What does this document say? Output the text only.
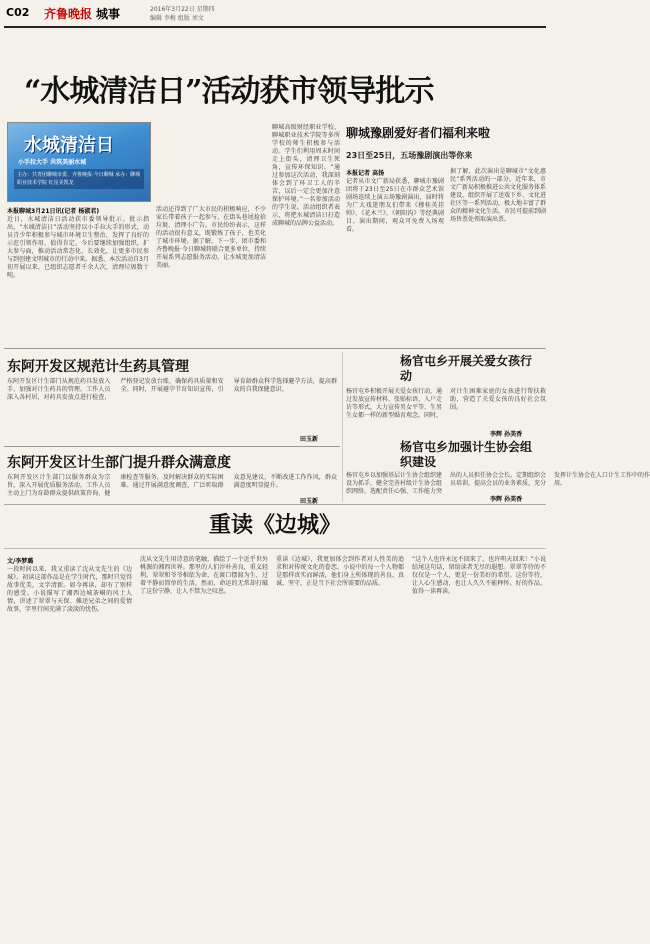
C02 齐鲁晚报 城事	2016年3月22日 星期四
编辑 李梅 组版 刘文
“水城清洁日”活动获市领导批示
水城清洁日
小手拉大手 共筑美丽水城
主办：共青团聊城市委、齐鲁晚报·今日聊城 承办：聊城职业技术学院 红星美凯龙
本报聊城3月21日讯(记者 杨淑君)
近日，水城清洁日活动获市委领导批示。批示指出，“水城清洁日”活动坚持以小手拉大手的形式，动员青少年积极参与城市环境卫生整治，发挥了良好的示范引领作用，值得肯定。今后要继续加强组织，扩大参与面，推动活动常态化、长效化，让更多市民参与到创建文明城市的行动中来。据悉，本次活动自3月初开展以来，已组织志愿者千余人次，清理垃圾数十吨。
活动还得到了广大市民的积极响应，不少家长带着孩子一起参与，在街头巷尾捡拾垃圾、清理小广告。市民纷纷表示，这样的活动很有意义，既锻炼了孩子，也美化了城市环境。据了解，下一步，团市委和齐鲁晚报·今日聊城将联合更多单位，持续开展系列志愿服务活动，让水城更加清洁美丽。
聊城高级财经职业学校、聊城职业技术学院等多所学校的师生积极参与活动。学生们利用周末时间走上街头，清理卫生死角，宣传环保知识。“通过参加这次活动，我深刻体会到了环卫工人的辛苦，以后一定会更加注意保护环境。”一名参加活动的学生说。活动组织者表示，将把水城清洁日打造成聊城的品牌公益活动。
聊城豫剧爱好者们福利来啦
23日至25日，五场豫剧演出等你来
本报记者 高扬
记者从市文广新局获悉，聊城市豫剧团将于23日至25日在市群众艺术馆剧场连续上演五场豫剧演出，届时将为广大戏迷朋友们带来《穆桂英挂帅》、《花木兰》、《朝阳沟》等经典剧目。演出期间，观众可免费入场观看。
据了解，此次演出是聊城市“文化惠民”系列活动的一部分。近年来，市文广新局积极推进公共文化服务体系建设，组织开展了送戏下乡、文化进社区等一系列活动，极大地丰富了群众的精神文化生活。市民可提前到剧场售票处领取演出票。
东阿开发区规范计生药具管理
东阿开发区计生部门从规范药具发放入手，加强对计生药具的管理。工作人员深入各村居，对药具发放点进行检查，严格登记发放台账，确保药具质量和安全。同时，开展避孕节育知识宣传，引导育龄群众科学选择避孕方法，提高群众的自我保健意识。
田玉新
东阿开发区计生部门提升群众满意度
东阿开发区计生部门以服务群众为宗旨，深入开展优质服务活动。工作人员主动上门为育龄群众提供政策咨询、健康检查等服务，及时解决群众的实际困难。通过开展满意度调查，广泛听取群众意见建议，不断改进工作作风，群众满意度明显提升。
田玉新
杨官屯乡开展关爱女孩行动
杨官屯乡积极开展关爱女孩行动，通过发放宣传材料、张贴标语、入户走访等形式，大力宣传男女平等、生男生女都一样的新型婚育观念。同时，对计生困难家庭的女孩进行帮扶救助，营造了关爱女孩的良好社会氛围。
李辉 孙美香
杨官屯乡加强计生协会组织建设
杨官屯乡以加强基层计生协会组织建设为抓手，健全完善村级计生协会组织网络，选配责任心强、工作能力突出的人员担任协会会长。定期组织会员培训，提高会员的业务素质，充分发挥计生协会在人口计生工作中的作用。
李辉 孙美香
重读《边城》
文/李梦璐
一段时间以来，我又重读了沈从文先生的《边城》。初读这部作品是在学生时代，那时只觉得故事优美，文字清新。如今再读，却有了别样的感受。小说描写了湘西边城茶峒的风土人情，讲述了翠翠与天保、傩送兄弟之间的爱情故事，字里行间充满了淡淡的忧伤。
沈从文先生用诗意的笔触，描绘了一个近乎世外桃源的湘西世界。那里的人们淳朴善良，重义轻利。翠翠和爷爷相依为命，在渡口摆渡为生，过着平静而简单的生活。然而，命运的无常却打破了这份宁静，让人不禁为之叹息。
重读《边城》，我更加体会到作者对人性美的追求和对传统文化的眷恋。小说中的每一个人物都是那样真实而鲜活，他们身上所体现的善良、真诚、坚守，正是当下社会所需要的品质。
“这个人也许永远不回来了，也许明天回来！”小说结尾这句话，留给读者无尽的遐想。翠翠等待的不仅仅是一个人，更是一份美好的希望。这份等待，让人心生感动，也让人久久不能释怀。好的作品，值得一读再读。
